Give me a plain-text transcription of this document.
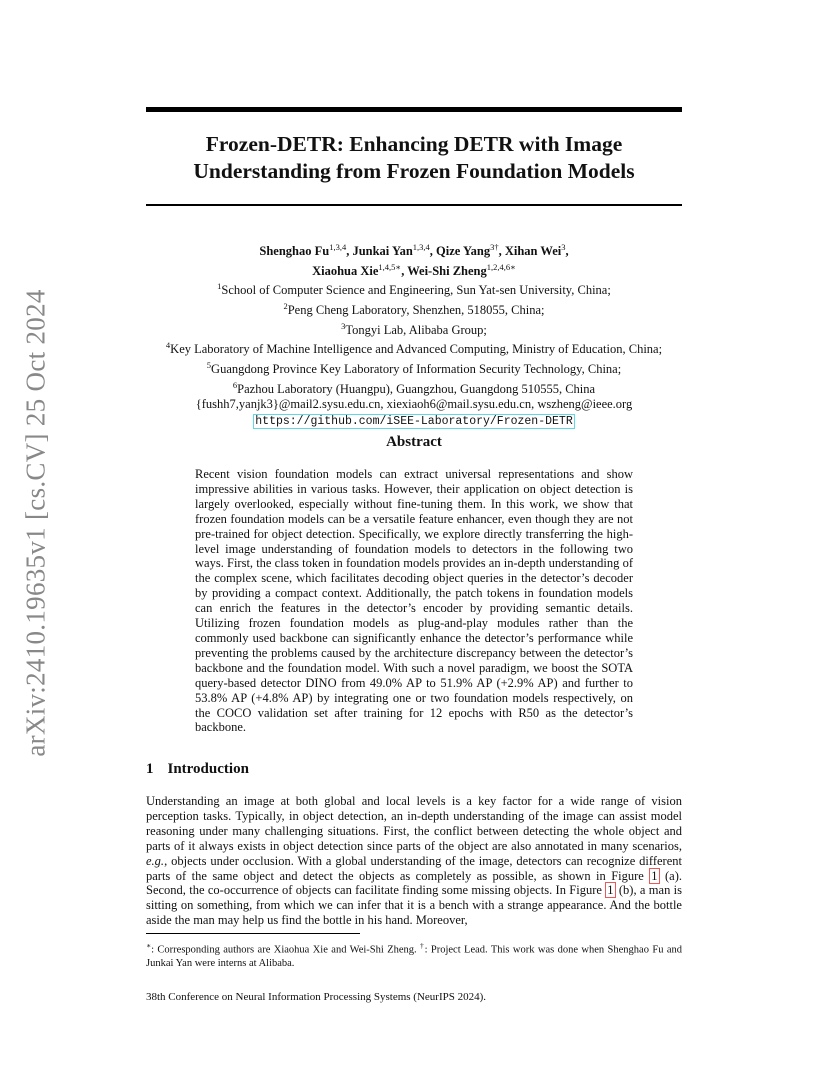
arXiv:2410.19635v1 [cs.CV] 25 Oct 2024
Frozen-DETR: Enhancing DETR with Image
Understanding from Frozen Foundation Models
Shenghao Fu$^{1,3,4}$, Junkai Yan$^{1,3,4}$, Qize Yang$^{3\dagger}$, Xihan Wei$^3$,
Xiaohua Xie$^{1,4,5∗}$, Wei-Shi Zheng$^{1,2,4,6∗}$
$^1$School of Computer Science and Engineering, Sun Yat-sen University, China;
$^2$Peng Cheng Laboratory, Shenzhen, 518055, China;
$^3$Tongyi Lab, Alibaba Group;
$^4$Key Laboratory of Machine Intelligence and Advanced Computing, Ministry of Education, China;
$^5$Guangdong Province Key Laboratory of Information Security Technology, China;
$^6$Pazhou Laboratory (Huangpu), Guangzhou, Guangdong 510555, China
{fushh7,yanjk3}@mail2.sysu.edu.cn, xiexiaoh6@mail.sysu.edu.cn, wszheng@ieee.org
https://github.com/iSEE-Laboratory/Frozen-DETR
Abstract
Recent vision foundation models can extract universal representations and show impressive abilities in various tasks. However, their application on object detection is largely overlooked, especially without fine-tuning them. In this work, we show that frozen foundation models can be a versatile feature enhancer, even though they are not pre-trained for object detection. Specifically, we explore directly transferring the high-level image understanding of foundation models to detectors in the following two ways. First, the class token in foundation models provides an in-depth understanding of the complex scene, which facilitates decoding object queries in the detector’s decoder by providing a compact context. Additionally, the patch tokens in foundation models can enrich the features in the detector’s encoder by providing semantic details. Utilizing frozen foundation models as plug-and-play modules rather than the commonly used backbone can significantly enhance the detector’s performance while preventing the problems caused by the architecture discrepancy between the detector’s backbone and the foundation model. With such a novel paradigm, we boost the SOTA query-based detector DINO from 49.0% AP to 51.9% AP (+2.9% AP) and further to 53.8% AP (+4.8% AP) by integrating one or two foundation models respectively, on the COCO validation set after training for 12 epochs with R50 as the detector’s backbone.
1 Introduction
Understanding an image at both global and local levels is a key factor for a wide range of vision perception tasks. Typically, in object detection, an in-depth understanding of the image can assist model reasoning under many challenging situations. First, the conflict between detecting the whole object and parts of it always exists in object detection since parts of the object are also annotated in many scenarios, e.g., objects under occlusion. With a global understanding of the image, detectors can recognize different parts of the same object and detect the objects as completely as possible, as shown in Figure 1 (a). Second, the co-occurrence of objects can facilitate finding some missing objects. In Figure 1 (b), a man is sitting on something, from which we can infer that it is a bench with a strange appearance. And the bottle aside the man may help us find the bottle in his hand. Moreover,
∗: Corresponding authors are Xiaohua Xie and Wei-Shi Zheng. †: Project Lead. This work was done when Shenghao Fu and Junkai Yan were interns at Alibaba.
38th Conference on Neural Information Processing Systems (NeurIPS 2024).
